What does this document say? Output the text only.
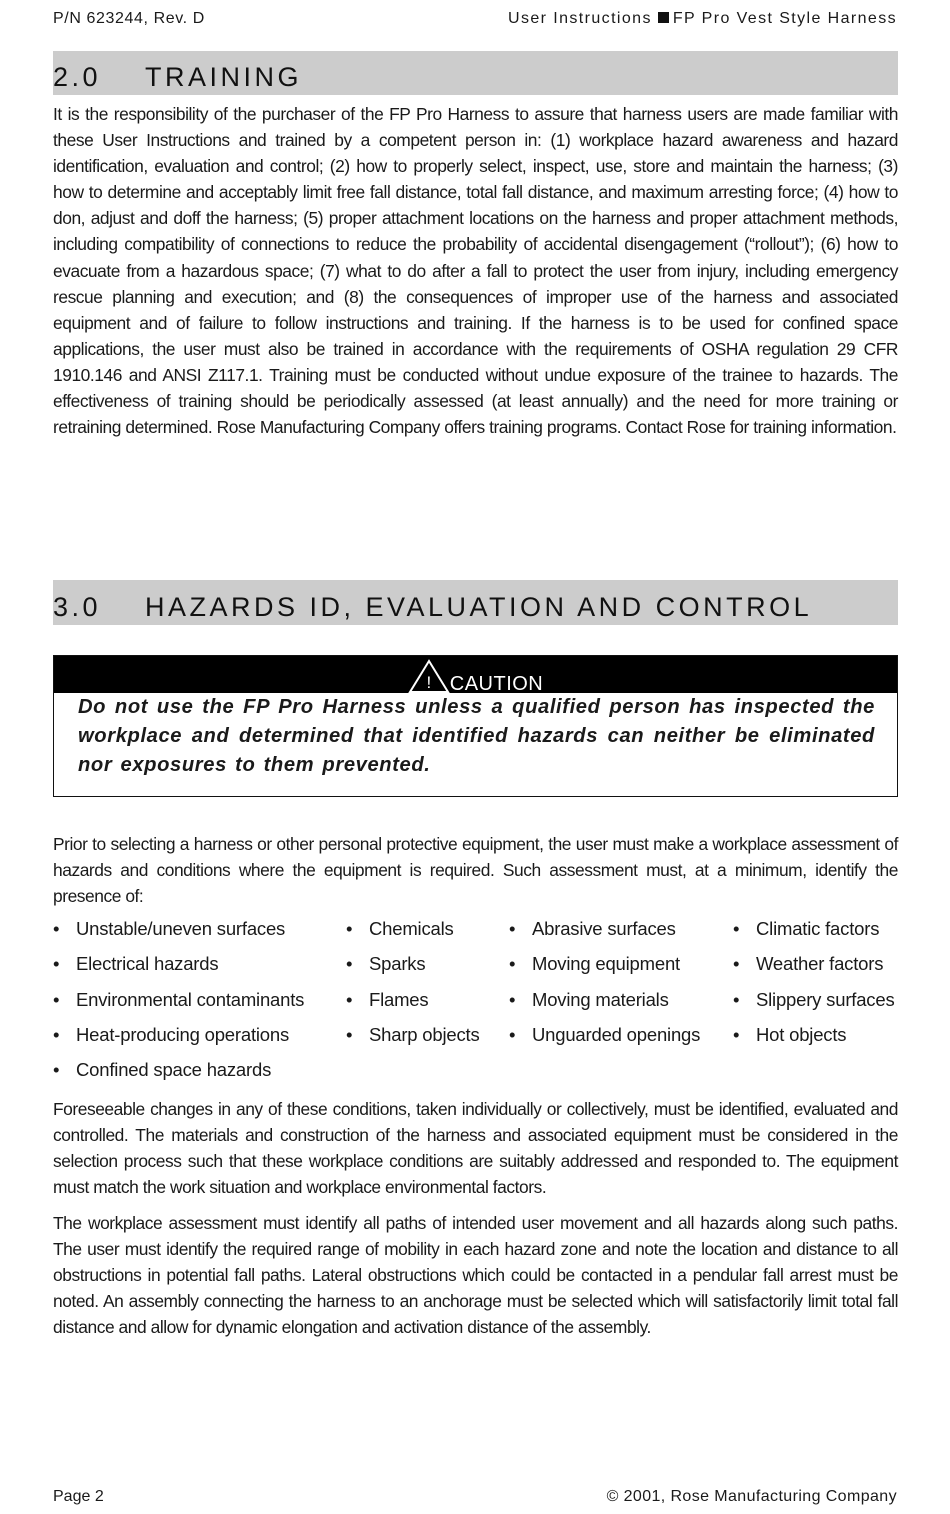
P/N 623244, Rev. D	User Instructions FP Pro Vest Style Harness
2.0 TRAINING

It is the responsibility of the purchaser of the FP Pro Harness to assure that harness users are made familiar with these User Instructions and trained by a competent person in: (1) workplace hazard awareness and hazard identification, evaluation and control; (2) how to properly select, inspect, use, store and maintain the harness; (3) how to determine and acceptably limit free fall distance, total fall distance, and maximum arresting force; (4) how to don, adjust and doff the harness; (5) proper attachment locations on the harness and proper attachment methods, including compatibility of connections to reduce the probability of accidental disengagement (“rollout”); (6) how to evacuate from a hazardous space; (7) what to do after a fall to protect the user from injury, including emergency rescue planning and execution; and (8) the consequences of improper use of the harness and associated equipment and of failure to follow instructions and training. If the harness is to be used for confined space applications, the user must also be trained in accordance with the requirements of OSHA regulation 29 CFR 1910.146 and ANSI Z117.1. Training must be conducted without undue exposure of the trainee to hazards. The effectiveness of training should be periodically assessed (at least annually) and the need for more training or retraining determined. Rose Manufacturing Company offers training programs. Contact Rose for training information.

3.0 HAZARDS ID, EVALUATION AND CONTROL
! CAUTION

Do not use the FP Pro Harness unless a qualified person has inspected the workplace and determined that identified hazards can neither be eliminated nor exposures to them prevented.

Prior to selecting a harness or other personal protective equipment, the user must make a workplace assessment of hazards and conditions where the equipment is required. Such assessment must, at a minimum, identify the presence of:

• Unstable/uneven surfaces	• Chemicals	• Abrasive surfaces	• Climatic factors
• Electrical hazards	• Sparks	• Moving equipment	• Weather factors
• Environmental contaminants • Flames	• Moving materials	• Slippery surfaces
• Heat-producing operations	• Sharp objects • Unguarded openings • Hot objects
• Confined space hazards

Foreseeable changes in any of these conditions, taken individually or collectively, must be identified, evaluated and controlled. The materials and construction of the harness and associated equipment must be considered in the selection process such that these workplace conditions are suitably addressed and responded to. The equipment must match the work situation and workplace environmental factors.

The workplace assessment must identify all paths of intended user movement and all hazards along such paths. The user must identify the required range of mobility in each hazard zone and note the location and distance to all obstructions in potential fall paths. Lateral obstructions which could be contacted in a pendular fall arrest must be noted. An assembly connecting the harness to an anchorage must be selected which will satisfactorily limit total fall distance and allow for dynamic elongation and activation distance of the assembly.

Page 2	© 2001, Rose Manufacturing Company
